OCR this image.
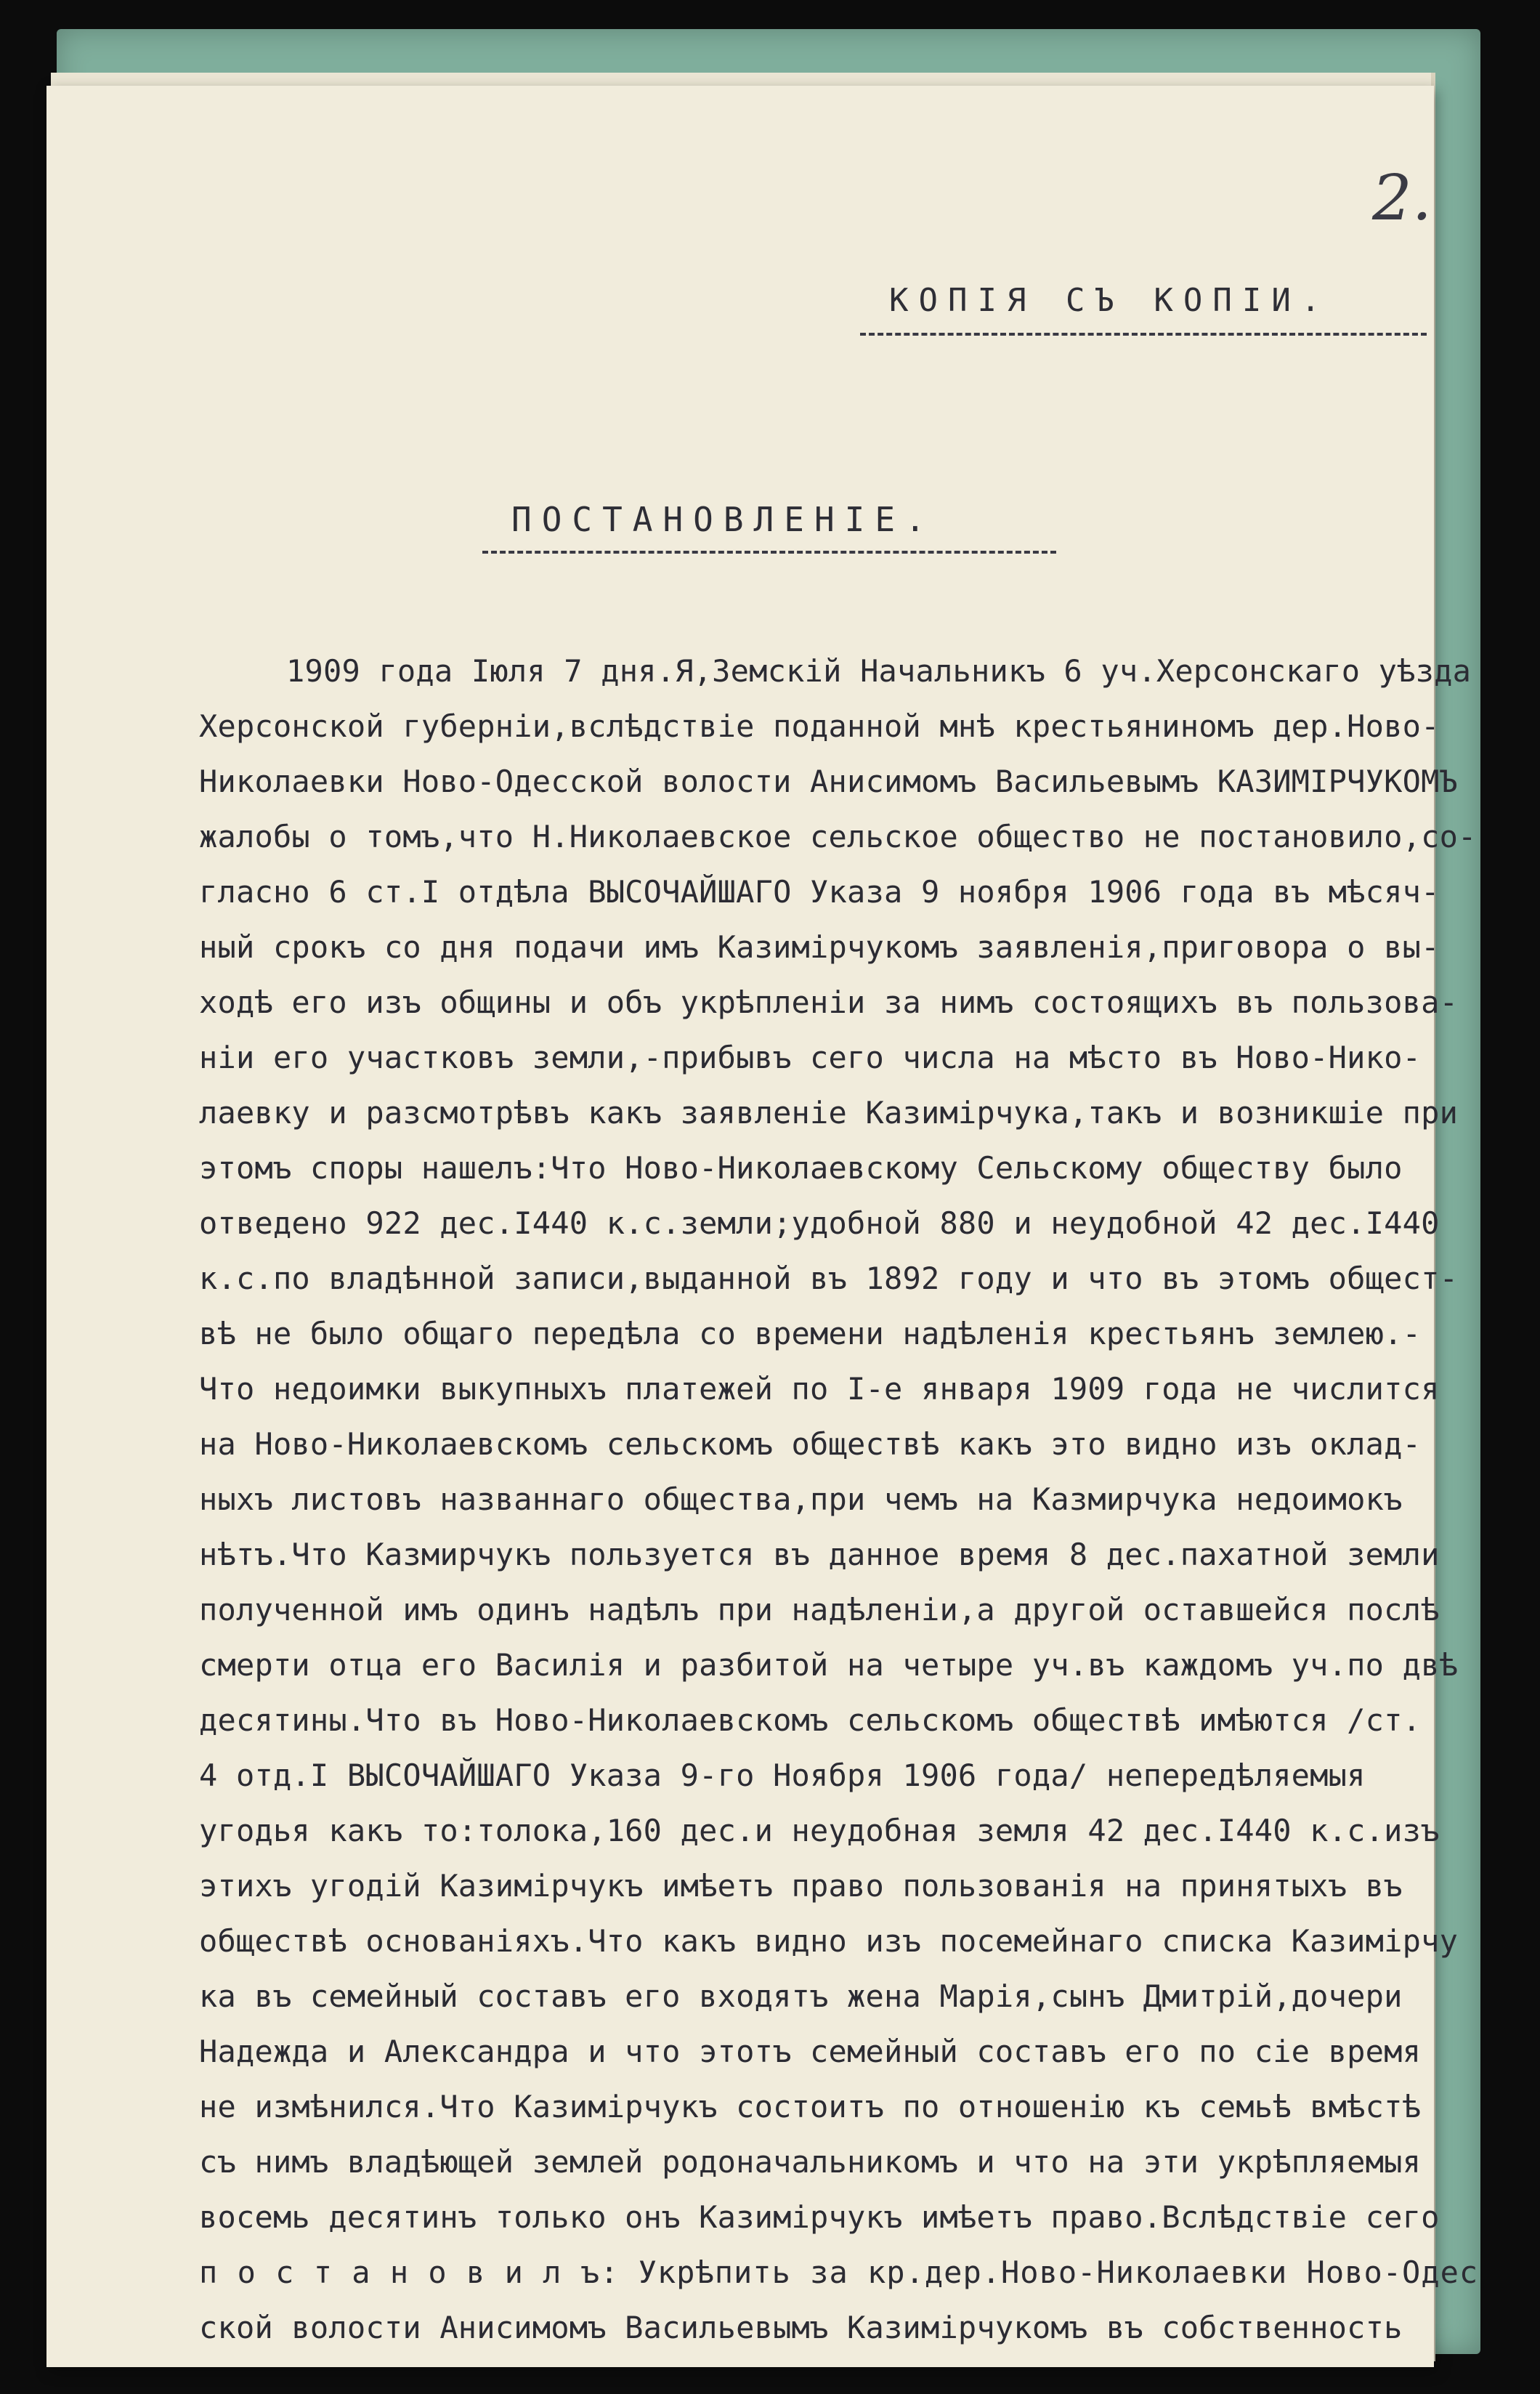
2.
КОПІЯ СЪ КОПІИ.
ПОСТАНОВЛЕНІЕ.
1909 года Іюля 7 дня.Я,Земскій Начальникъ 6 уч.Херсонскаго уѣзда
Херсонской губерніи,вслѣдствіе поданной мнѣ крестьяниномъ дер.Ново-
Николаевки Ново-Одесской волости Анисимомъ Васильевымъ КАЗИМІРЧУКОМЪ
жалобы о томъ,что Н.Николаевское сельское общество не постановило,со-
гласно 6 ст.I отдѣла ВЫСОЧАЙШАГО Указа 9 ноября 1906 года въ мѣсяч-
ный срокъ со дня подачи имъ Казимірчукомъ заявленія,приговора о вы-
ходѣ его изъ общины и объ укрѣпленіи за нимъ состоящихъ въ пользова-
ніи его участковъ земли,-прибывъ сего числа на мѣсто въ Ново-Нико-
лаевку и разсмотрѣвъ какъ заявленіе Казимірчука,такъ и возникшіе при
этомъ споры нашелъ:Что Ново-Николаевскому Сельскому обществу было
отведено 922 дес.I440 к.с.земли;удобной 880 и неудобной 42 дес.I440
к.с.по владѣнной записи,выданной въ 1892 году и что въ этомъ общест-
вѣ не было общаго передѣла со времени надѣленія крестьянъ землею.-
Что недоимки выкупныхъ платежей по I-е января 1909 года не числится
на Ново-Николаевскомъ сельскомъ обществѣ какъ это видно изъ оклад-
ныхъ листовъ названнаго общества,при чемъ на Казмирчука недоимокъ
нѣтъ.Что Казмирчукъ пользуется въ данное время 8 дес.пахатной земли
полученной имъ одинъ надѣлъ при надѣленіи,а другой оставшейся послѣ
смерти отца его Василія и разбитой на четыре уч.въ каждомъ уч.по двѣ
десятины.Что въ Ново-Николаевскомъ сельскомъ обществѣ имѣются /ст.
4 отд.I ВЫСОЧАЙШАГО Указа 9-го Ноября 1906 года/ непередѣляемыя
угодья какъ то:толока,160 дес.и неудобная земля 42 дес.I440 к.с.изъ
этихъ угодій Казимірчукъ имѣетъ право пользованія на принятыхъ въ
обществѣ основаніяхъ.Что какъ видно изъ посемейнаго списка Казимірчу
ка въ семейный составъ его входятъ жена Марія,сынъ Дмитрій,дочери
Надежда и Александра и что этотъ семейный составъ его по сіе время
не измѣнился.Что Казимірчукъ состоитъ по отношенію къ семьѣ вмѣстѣ
съ нимъ владѣющей землей родоначальникомъ и что на эти укрѣпляемыя
восемь десятинъ только онъ Казимірчукъ имѣетъ право.Вслѣдствіе сего
п о с т а н о в и л ъ: Укрѣпить за кр.дер.Ново-Николаевки Ново-Одес
ской волости Анисимомъ Васильевымъ Казимірчукомъ въ собственность
